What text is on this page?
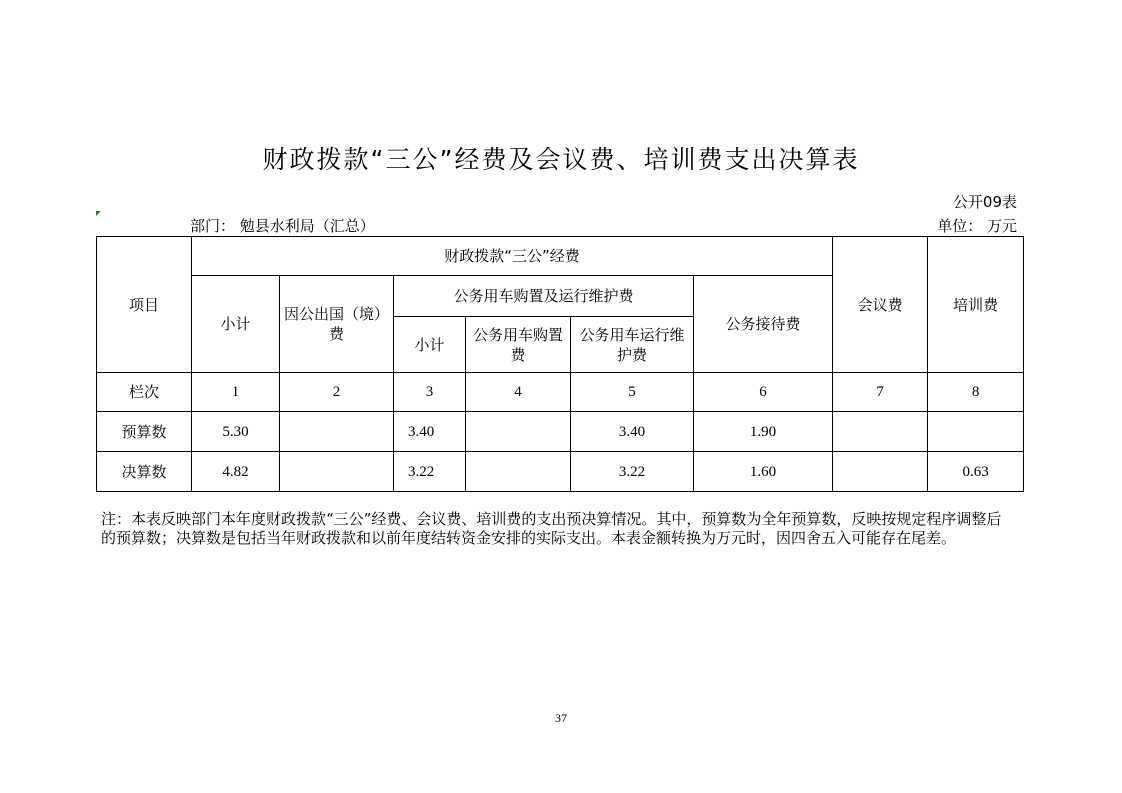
财政拨款“三公”经费及会议费、培训费支出决算表
公开09表
部门： 勉县水利局（汇总）	单位： 万元
项目	财政拨款“三公”经费						会议费	培训费
	小计	因公出国（境）费	公务用车购置及运行维护费			公务接待费		
			小计	公务用车购置费	公务用车运行维护费			

栏次	1	2	3	4	5	6	7	8
预算数	5.30		3.40		3.40	1.90		
决算数	4.82		3.22		3.22	1.60		0.63
注：本表反映部门本年度财政拨款“三公”经费、会议费、培训费的支出预决算情况。其中，预算数为全年预算数，反映按规定程序调整后的预算数；决算数是包括当年财政拨款和以前年度结转资金安排的实际支出。本表金额转换为万元时，因四舍五入可能存在尾差。
37
